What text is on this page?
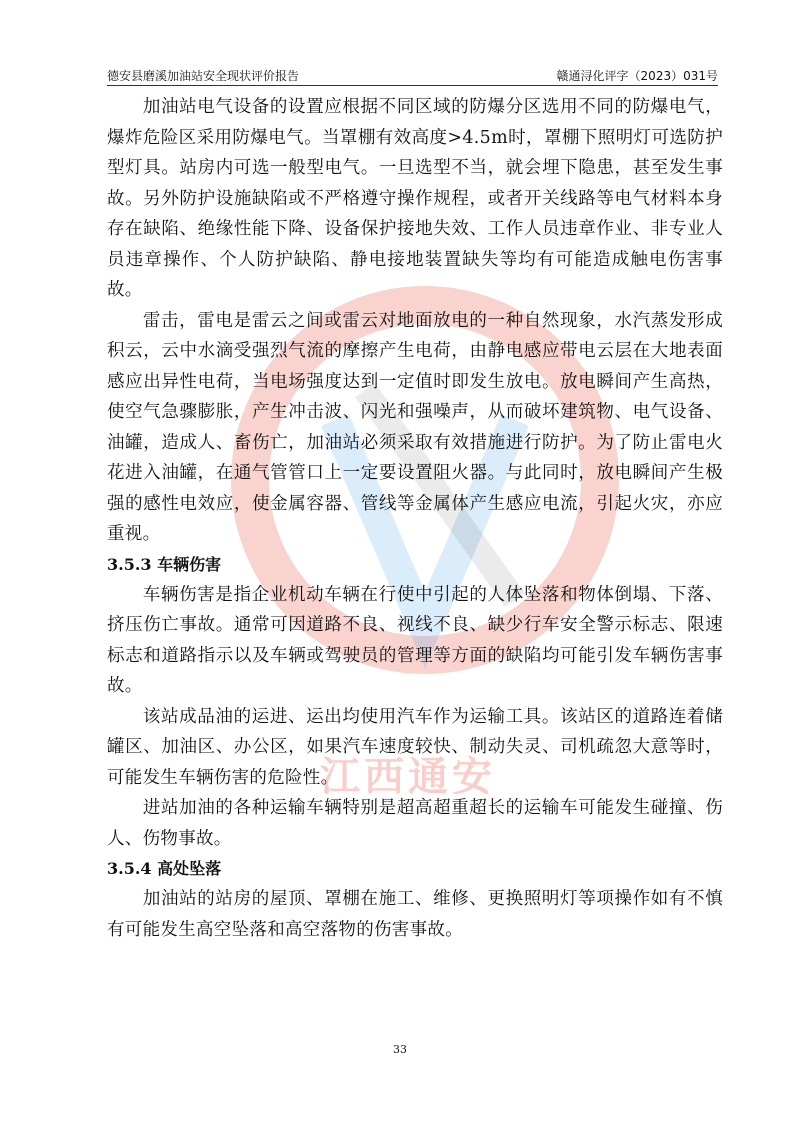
德安县磨溪加油站安全现状评价报告	赣通浔化评字（2023）031号
江西通安

加油站电气设备的设置应根据不同区域的防爆分区选用不同的防爆电气，爆炸危险区采用防爆电气。当罩棚有效高度>4.5m时，罩棚下照明灯可选防护型灯具。站房内可选一般型电气。一旦选型不当，就会埋下隐患，甚至发生事故。另外防护设施缺陷或不严格遵守操作规程，或者开关线路等电气材料本身存在缺陷、绝缘性能下降、设备保护接地失效、工作人员违章作业、非专业人员违章操作、个人防护缺陷、静电接地装置缺失等均有可能造成触电伤害事故。

雷击，雷电是雷云之间或雷云对地面放电的一种自然现象，水汽蒸发形成积云，云中水滴受强烈气流的摩擦产生电荷，由静电感应带电云层在大地表面感应出异性电荷，当电场强度达到一定值时即发生放电。放电瞬间产生高热，使空气急骤膨胀，产生冲击波、闪光和强噪声，从而破坏建筑物、电气设备、油罐，造成人、畜伤亡，加油站必须采取有效措施进行防护。为了防止雷电火花进入油罐，在通气管管口上一定要设置阻火器。与此同时，放电瞬间产生极强的感性电效应，使金属容器、管线等金属体产生感应电流，引起火灾，亦应重视。

3.5.3 车辆伤害

车辆伤害是指企业机动车辆在行使中引起的人体坠落和物体倒塌、下落、挤压伤亡事故。通常可因道路不良、视线不良、缺少行车安全警示标志、限速标志和道路指示以及车辆或驾驶员的管理等方面的缺陷均可能引发车辆伤害事故。

该站成品油的运进、运出均使用汽车作为运输工具。该站区的道路连着储罐区、加油区、办公区，如果汽车速度较快、制动失灵、司机疏忽大意等时，可能发生车辆伤害的危险性。

进站加油的各种运输车辆特别是超高超重超长的运输车可能发生碰撞、伤人、伤物事故。

3.5.4 高处坠落

加油站的站房的屋顶、罩棚在施工、维修、更换照明灯等项操作如有不慎有可能发生高空坠落和高空落物的伤害事故。

33
